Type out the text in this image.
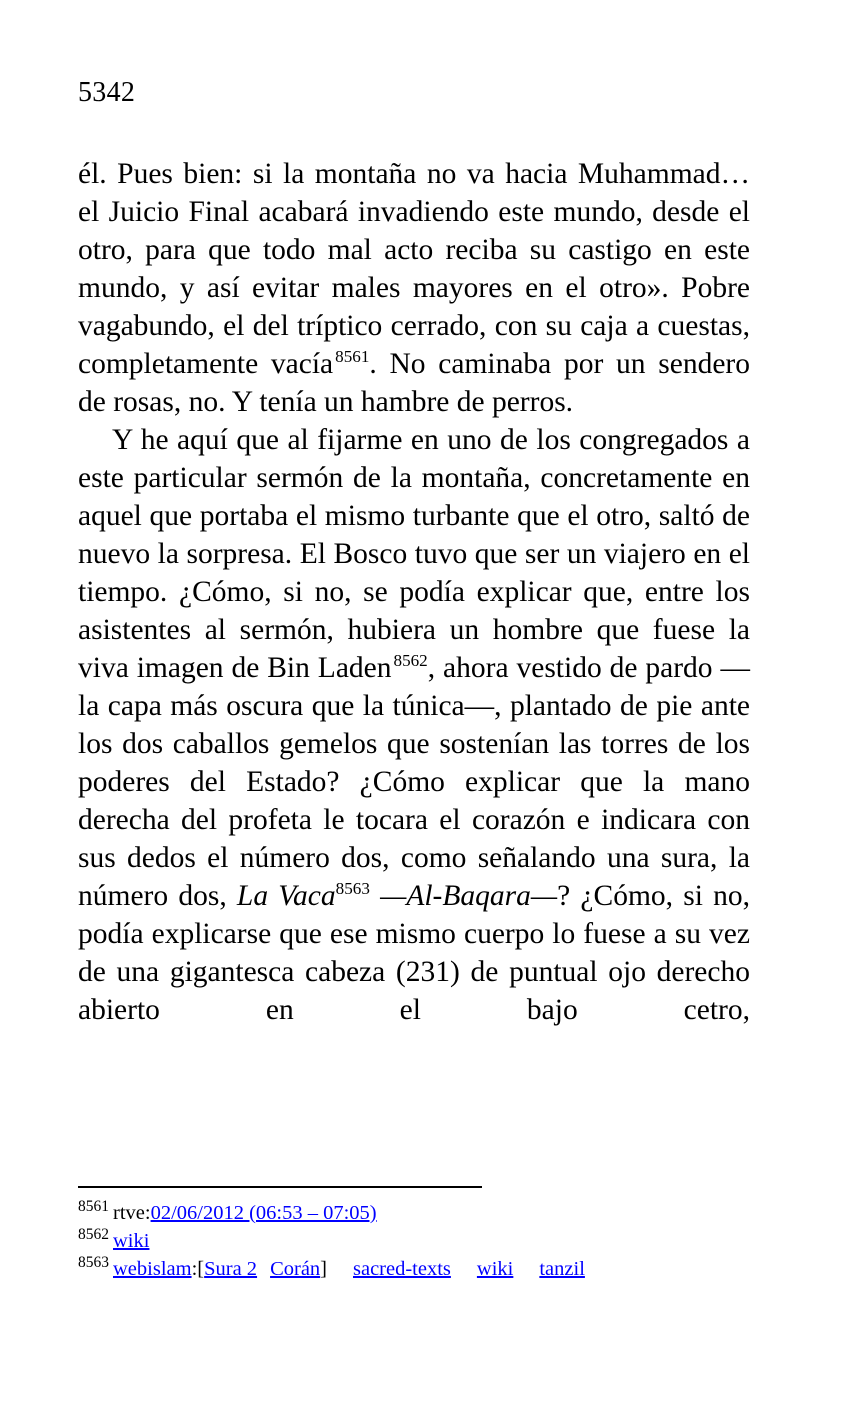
5342

él. Pues bien: si la montaña no va hacia Muhammad… el Juicio Final acabará invadiendo este mundo, desde el otro, para que todo mal acto reciba su castigo en este mundo, y así evitar males mayores en el otro». Pobre vagabundo, el del tríptico cerrado, con su caja a cuestas, completamente vacía $^{8561}$. No caminaba por un sendero de rosas, no. Y tenía un hambre de perros.

Y he aquí que al fijarme en uno de los congregados a este particular sermón de la montaña, concretamente en aquel que portaba el mismo turbante que el otro, saltó de nuevo la sorpresa. El Bosco tuvo que ser un viajero en el tiempo. ¿Cómo, si no, se podía explicar que, entre los asistentes al sermón, hubiera un hombre que fuese la viva imagen de Bin Laden $^{8562}$, ahora vestido de pardo —la capa más oscura que la túnica—, plantado de pie ante los dos caballos gemelos que sostenían las torres de los poderes del Estado? ¿Cómo explicar que la mano derecha del profeta le tocara el corazón e indicara con sus dedos el número dos, como señalando una sura, la número dos, La Vaca$^{8563}$ —Al-Baqara—? ¿Cómo, si no, podía explicarse que ese mismo cuerpo lo fuese a su vez de una gigantesca cabeza (231) de puntual ojo derecho abierto en el bajo cetro,

$^{8561}$ rtve:02/06/2012 (06:53 – 07:05)
$^{8562}$ wiki
$^{8563}$ webislam:[Sura 2 Corán] sacred-texts wiki tanzil
